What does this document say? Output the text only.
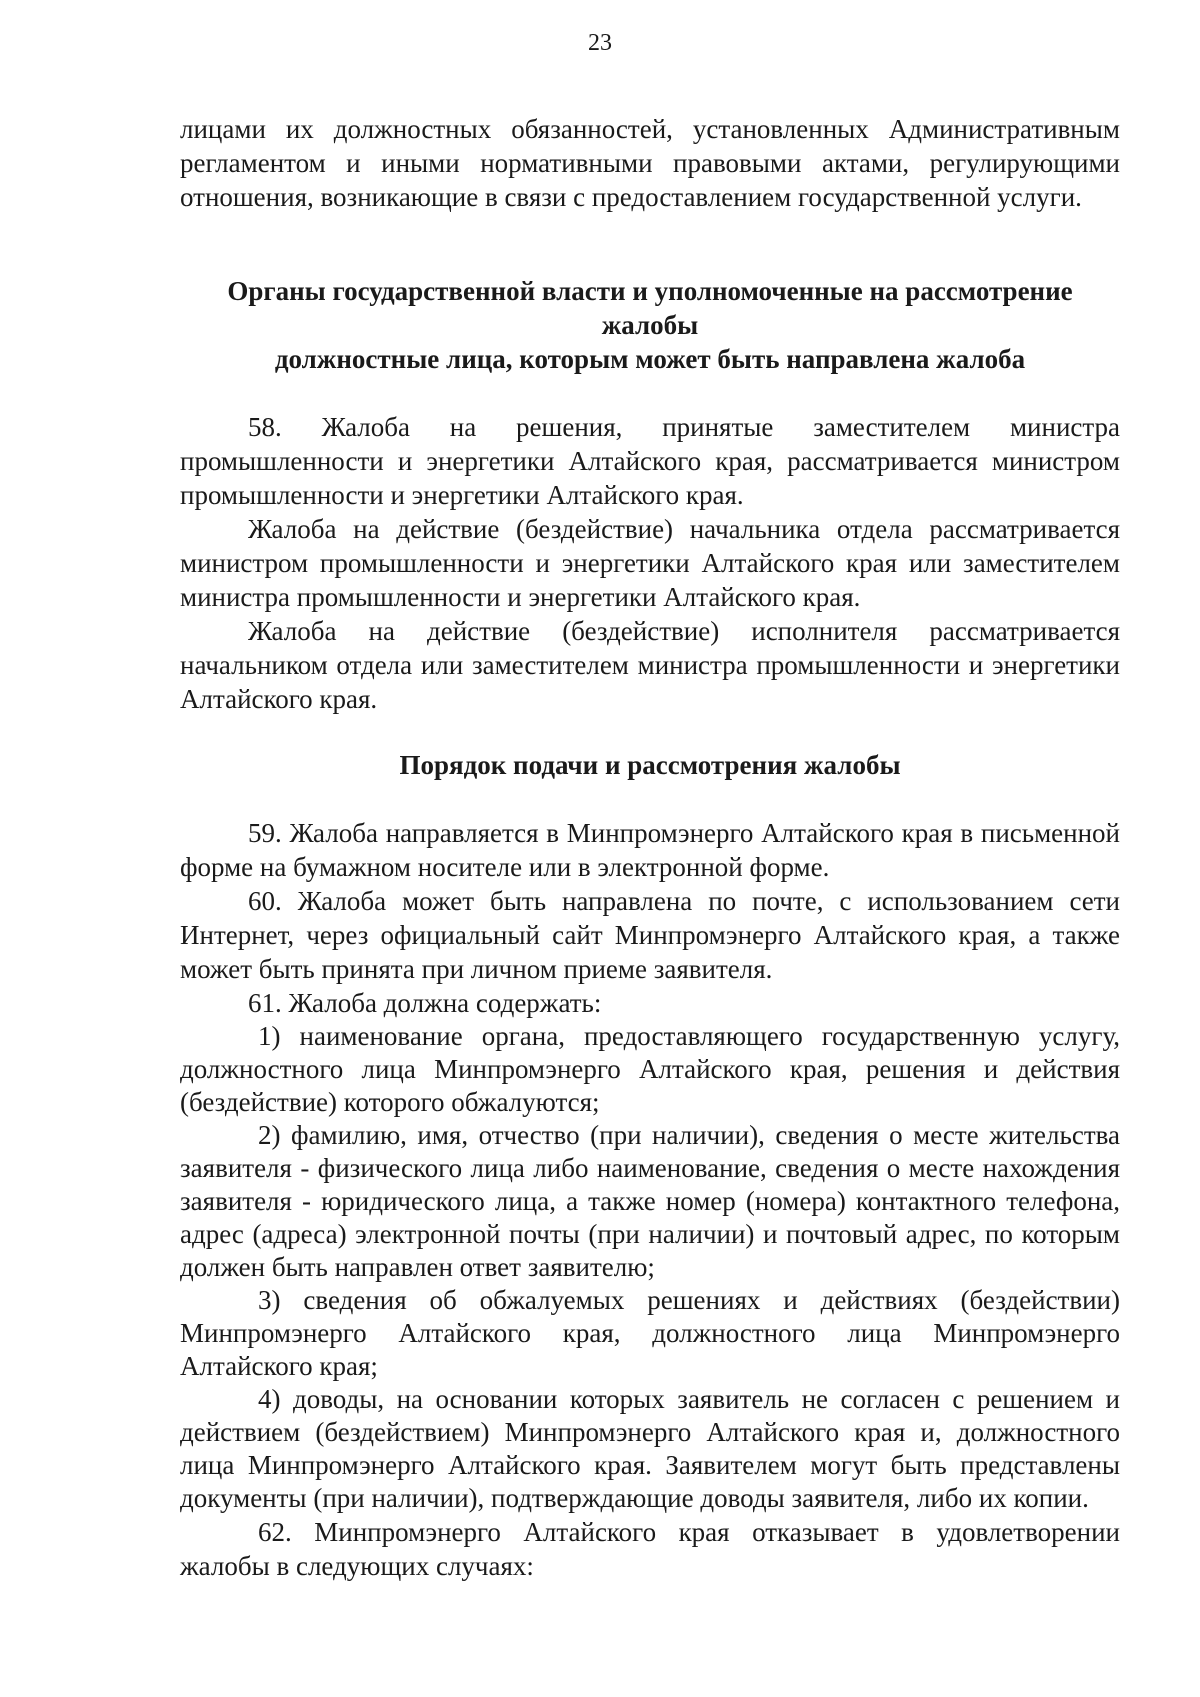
23

лицами их должностных обязанностей, установленных Административным регламентом и иными нормативными правовыми актами, регулирующими отношения, возникающие в связи с предоставлением государственной услуги.

Органы государственной власти и уполномоченные на рассмотрение жалобы
должностные лица, которым может быть направлена жалоба

58. Жалоба на решения, принятые заместителем министра промышленности и энергетики Алтайского края, рассматривается министром промышленности и энергетики Алтайского края.

Жалоба на действие (бездействие) начальника отдела рассматривается министром промышленности и энергетики Алтайского края или заместителем министра промышленности и энергетики Алтайского края.

Жалоба на действие (бездействие) исполнителя рассматривается начальником отдела или заместителем министра промышленности и энергетики Алтайского края.

Порядок подачи и рассмотрения жалобы

59. Жалоба направляется в Минпромэнерго Алтайского края в письменной форме на бумажном носителе или в электронной форме.

60. Жалоба может быть направлена по почте, с использованием сети Интернет, через официальный сайт Минпромэнерго Алтайского края, а также может быть принята при личном приеме заявителя.

61. Жалоба должна содержать:

1) наименование органа, предоставляющего государственную услугу, должностного лица Минпромэнерго Алтайского края, решения и действия (бездействие) которого обжалуются;

2) фамилию, имя, отчество (при наличии), сведения о месте жительства заявителя - физического лица либо наименование, сведения о месте нахождения заявителя - юридического лица, а также номер (номера) контактного телефона, адрес (адреса) электронной почты (при наличии) и почтовый адрес, по которым должен быть направлен ответ заявителю;

3) сведения об обжалуемых решениях и действиях (бездействии) Минпромэнерго Алтайского края, должностного лица Минпромэнерго Алтайского края;

4) доводы, на основании которых заявитель не согласен с решением и действием (бездействием) Минпромэнерго Алтайского края и, должностного лица Минпромэнерго Алтайского края. Заявителем могут быть представлены документы (при наличии), подтверждающие доводы заявителя, либо их копии.

62. Минпромэнерго Алтайского края отказывает в удовлетворении жалобы в следующих случаях:
